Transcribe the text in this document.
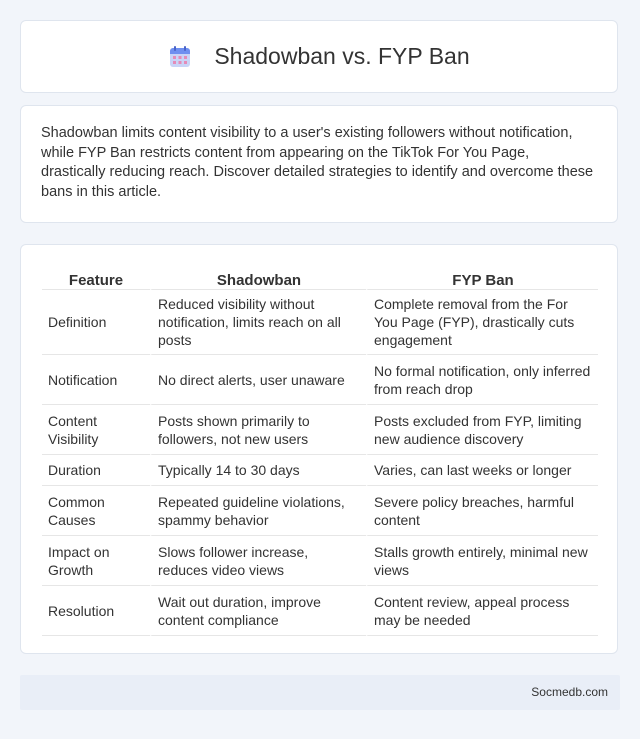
Shadowban vs. FYP Ban

Shadowban limits content visibility to a user's existing followers without notification, while FYP Ban restricts content from appearing on the TikTok For You Page, drastically reducing reach. Discover detailed strategies to identify and overcome these bans in this article.

Feature	Shadowban	FYP Ban
Definition	Reduced visibility without notification, limits reach on all posts	Complete removal from the For You Page (FYP), drastically cuts engagement
Notification	No direct alerts, user unaware	No formal notification, only inferred from reach drop
Content Visibility	Posts shown primarily to followers, not new users	Posts excluded from FYP, limiting new audience discovery
Duration	Typically 14 to 30 days	Varies, can last weeks or longer
Common Causes	Repeated guideline violations, spammy behavior	Severe policy breaches, harmful content
Impact on Growth	Slows follower increase, reduces video views	Stalls growth entirely, minimal new views
Resolution	Wait out duration, improve content compliance	Content review, appeal process may be needed
Socmedb.com
